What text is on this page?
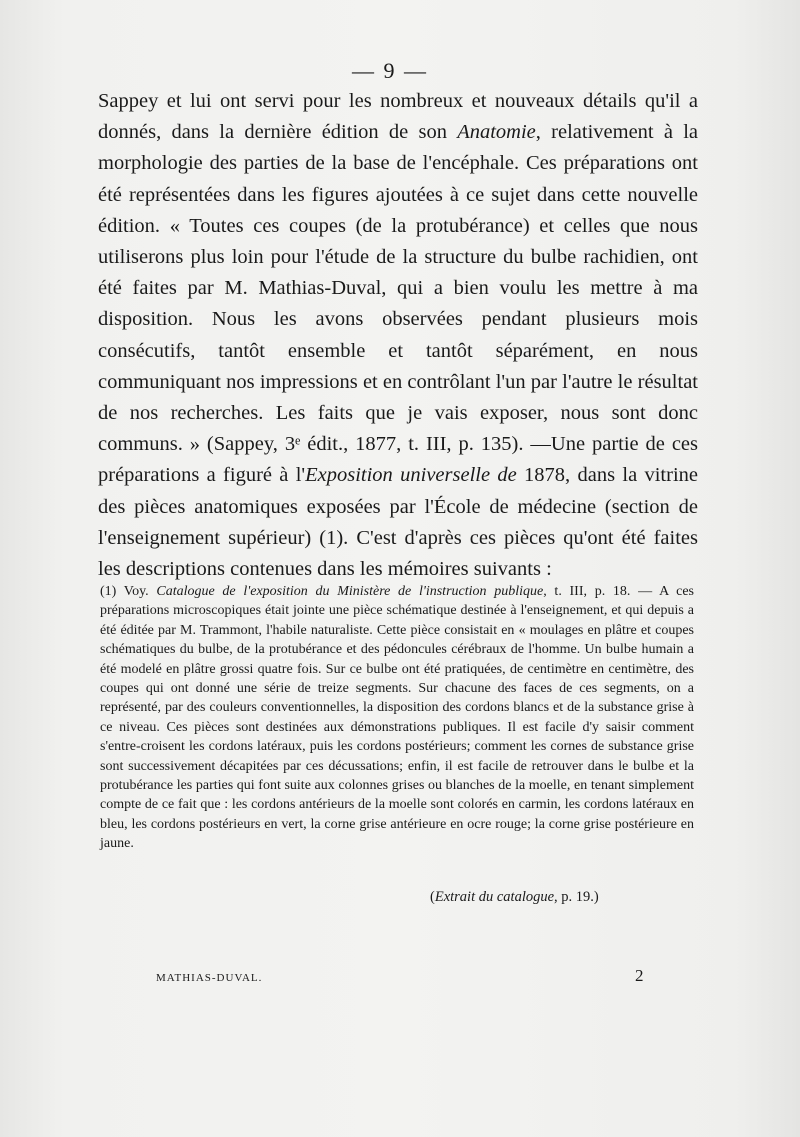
— 9 —

Sappey et lui ont servi pour les nombreux et nouveaux détails qu'il a donnés, dans la dernière édition de son Anatomie, relativement à la morphologie des parties de la base de l'encéphale. Ces préparations ont été représentées dans les figures ajoutées à ce sujet dans cette nouvelle édition. « Toutes ces coupes (de la protubérance) et celles que nous utiliserons plus loin pour l'étude de la structure du bulbe rachidien, ont été faites par M. Mathias-Duval, qui a bien voulu les mettre à ma disposition. Nous les avons observées pendant plusieurs mois consécutifs, tantôt ensemble et tantôt séparément, en nous communiquant nos impressions et en contrôlant l'un par l'autre le résultat de nos recherches. Les faits que je vais exposer, nous sont donc communs. » (Sappey, 3ᵉ édit., 1877, t. III, p. 135). —Une partie de ces préparations a figuré à l'Exposition universelle de 1878, dans la vitrine des pièces anatomiques exposées par l'École de médecine (section de l'enseignement supérieur) (1). C'est d'après ces pièces qu'ont été faites les descriptions contenues dans les mémoires suivants :

(1) Voy. Catalogue de l'exposition du Ministère de l'instruction publique, t. III, p. 18. — A ces préparations microscopiques était jointe une pièce schématique destinée à l'enseignement, et qui depuis a été éditée par M. Trammont, l'habile naturaliste. Cette pièce consistait en « moulages en plâtre et coupes schématiques du bulbe, de la protubérance et des pédoncules cérébraux de l'homme. Un bulbe humain a été modelé en plâtre grossi quatre fois. Sur ce bulbe ont été pratiquées, de centimètre en centimètre, des coupes qui ont donné une série de treize segments. Sur chacune des faces de ces segments, on a représenté, par des couleurs conventionnelles, la disposition des cordons blancs et de la substance grise à ce niveau. Ces pièces sont destinées aux démonstrations publiques. Il est facile d'y saisir comment s'entre-croisent les cordons latéraux, puis les cordons postérieurs; comment les cornes de substance grise sont successivement décapitées par ces décussations; enfin, il est facile de retrouver dans le bulbe et la protubérance les parties qui font suite aux colonnes grises ou blanches de la moelle, en tenant simplement compte de ce fait que : les cordons antérieurs de la moelle sont colorés en carmin, les cordons latéraux en bleu, les cordons postérieurs en vert, la corne grise antérieure en ocre rouge; la corne grise postérieure en jaune.

(Extrait du catalogue, p. 19.)
MATHIAS-DUVAL.	2
